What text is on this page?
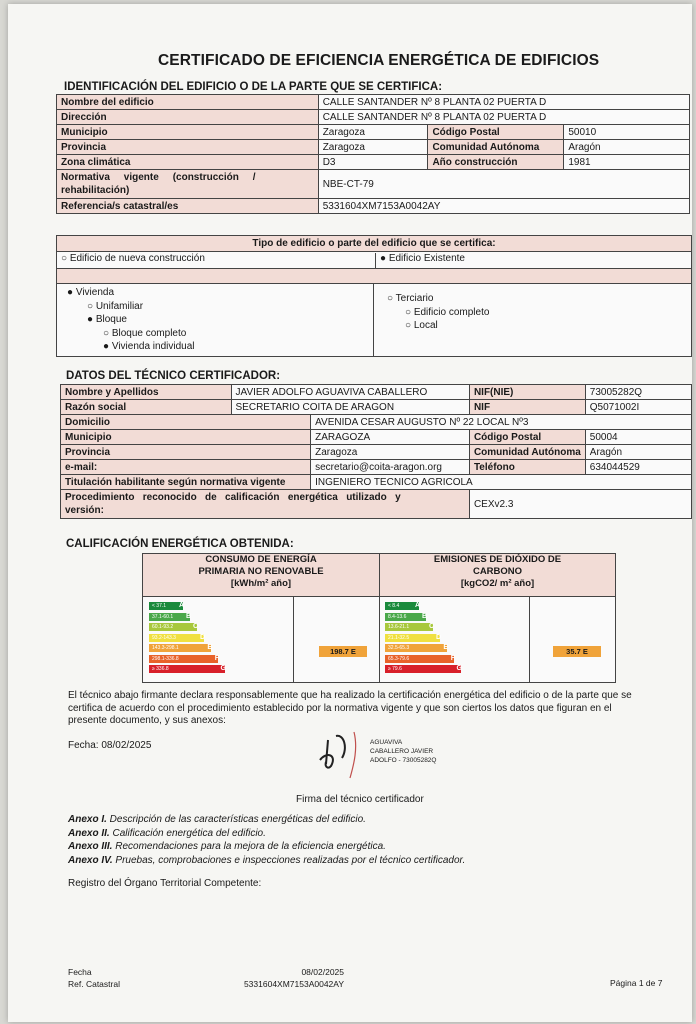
CERTIFICADO DE EFICIENCIA ENERGÉTICA DE EDIFICIOS
IDENTIFICACIÓN DEL EDIFICIO O DE LA PARTE QUE SE CERTIFICA:
Nombre del edificio	CALLE SANTANDER Nº 8 PLANTA 02 PUERTA D		
Dirección	CALLE SANTANDER Nº 8 PLANTA 02 PUERTA D		
Municipio	Zaragoza	Código Postal	50010
Provincia	Zaragoza	Comunidad Autónoma	Aragón
Zona climática	D3	Año construcción	1981

Normativa     vigente     (construcción     /
rehabilitación)	NBE-CT-79		
Referencia/s catastral/es	5331604XM7153A0042AY		
Tipo de edificio o parte del edificio que se certifica:
○ Edificio de nueva construcción	● Edificio Existente
● Vivienda
○ Unifamiliar
● Bloque
○ Bloque completo
● Vivienda individual
○ Terciario
○ Edificio completo
○ Local
DATOS DEL TÉCNICO CERTIFICADOR:
Nombre y Apellidos	JAVIER ADOLFO AGUAVIVA CABALLERO		NIF(NIE)	73005282Q
Razón social	SECRETARIO COITA DE ARAGON		NIF	Q5071002I
Domicilio		AVENIDA CESAR AUGUSTO Nº 22 LOCAL Nº3		
Municipio		ZARAGOZA	Código Postal	50004
Provincia		Zaragoza	Comunidad Autónoma	Aragón
e-mail:		secretario@coita-aragon.org	Teléfono	634044529
Titulación habilitante según normativa vigente		INGENIERO TECNICO AGRICOLA		

Procedimiento   reconocido   de   calificación   energética   utilizado   y
versión:			CEXv2.3	
CALIFICACIÓN ENERGÉTICA OBTENIDA:
CONSUMO DE ENERGÍA
PRIMARIA NO RENOVABLE
[kWh/m² año]
EMISIONES DE DIÓXIDO DE
CARBONO
[kgCO2/ m² año]
< 37.1 A
37.1-60.1 B
60.1-93.2	C
93.2-143.3	D
143.3-298.1	E
298.1-336.8	F
≥ 336.8	G
< 8.4 A
8.4-13.6 B
13.6-21.1	C
21.1-32.5	D
32.5-65.3	E
65.3-79.6	F
≥ 79.6	G
198.7 E	35.7 E
El técnico abajo firmante declara responsablemente que ha realizado la certificación energética del edificio o de la parte que se
certifica de acuerdo con el procedimiento establecido por la normativa vigente y que son ciertos los datos que figuran en el
presente documento, y sus anexos:
Fecha: 08/02/2025	AGUAVIVA
CABALLERO JAVIER
ADOLFO - 73005282Q
Firma del técnico certificador
Anexo I. Descripción de las características energéticas del edificio.
Anexo II. Calificación energética del edificio.
Anexo III. Recomendaciones para la mejora de la eficiencia energética.
Anexo IV. Pruebas, comprobaciones e inspecciones realizadas por el técnico certificador.
Registro del Órgano Territorial Competente:
Fecha
Ref. Catastral
08/02/2025
5331604XM7153A0042AY	Página 1 de 7
